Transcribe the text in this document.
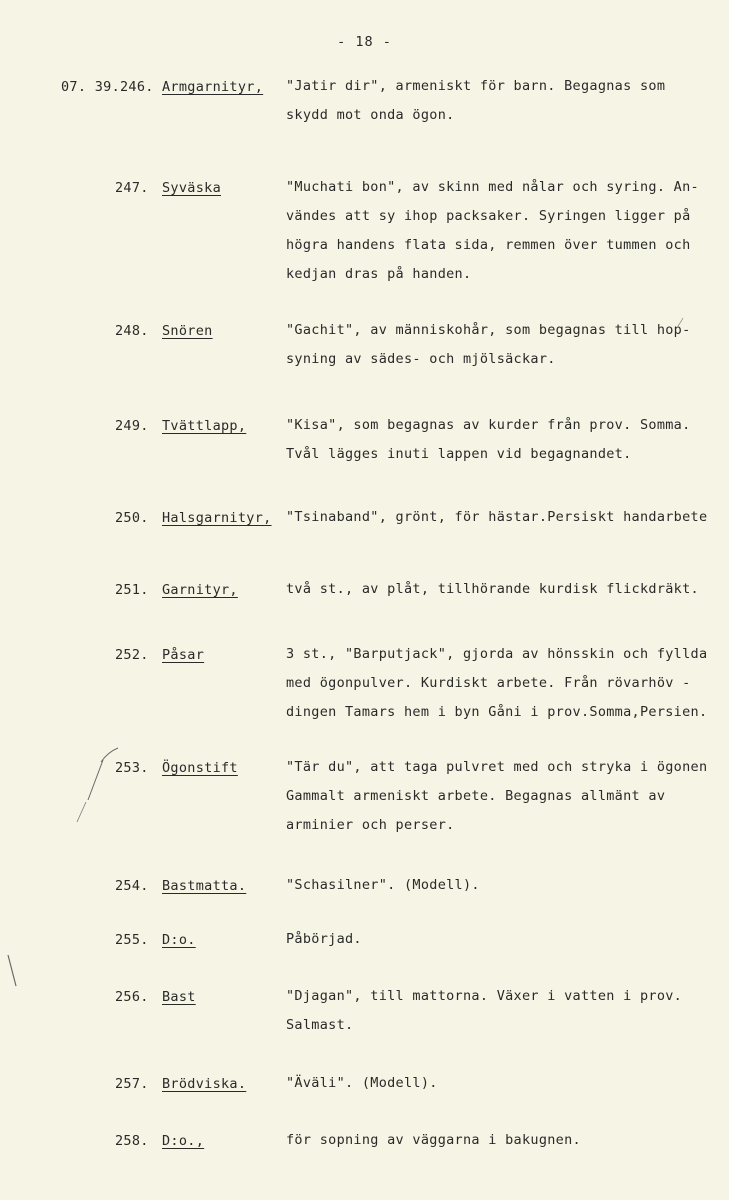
- 18 -
07. 39.246. Armgarnityr, "Jatir dir", armeniskt för barn. Begagnas som
skydd mot onda ögon.
247. Syväska	"Muchati bon", av skinn med nålar och syring. An-
vändes att sy ihop packsaker. Syringen ligger på
högra handens flata sida, remmen över tummen och
kedjan dras på handen.
248. Snören	"Gachit", av människohår, som begagnas till hop-
syning av sädes- och mjölsäckar.
249. Tvättlapp,	"Kisa", som begagnas av kurder från prov. Somma.
Tvål lägges inuti lappen vid begagnandet.
250. Halsgarnityr, "Tsinaband", grönt, för hästar.Persiskt handarbete
251. Garnityr,	två st., av plåt, tillhörande kurdisk flickdräkt.
252. Påsar	3 st., "Barputjack", gjorda av hönsskin och fyllda
med ögonpulver. Kurdiskt arbete. Från rövarhöv -
dingen Tamars hem i byn Gåni i prov.Somma,Persien.
253. Ögonstift	"Tär du", att taga pulvret med och stryka i ögonen
Gammalt armeniskt arbete. Begagnas allmänt av
arminier och perser.
254. Bastmatta.	"Schasilner". (Modell).
255. D:o.	Påbörjad.
256. Bast	"Djagan", till mattorna. Växer i vatten i prov.
Salmast.
257. Brödviska.	"Äväli". (Modell).
258. D:o.,	för sopning av väggarna i bakugnen.
